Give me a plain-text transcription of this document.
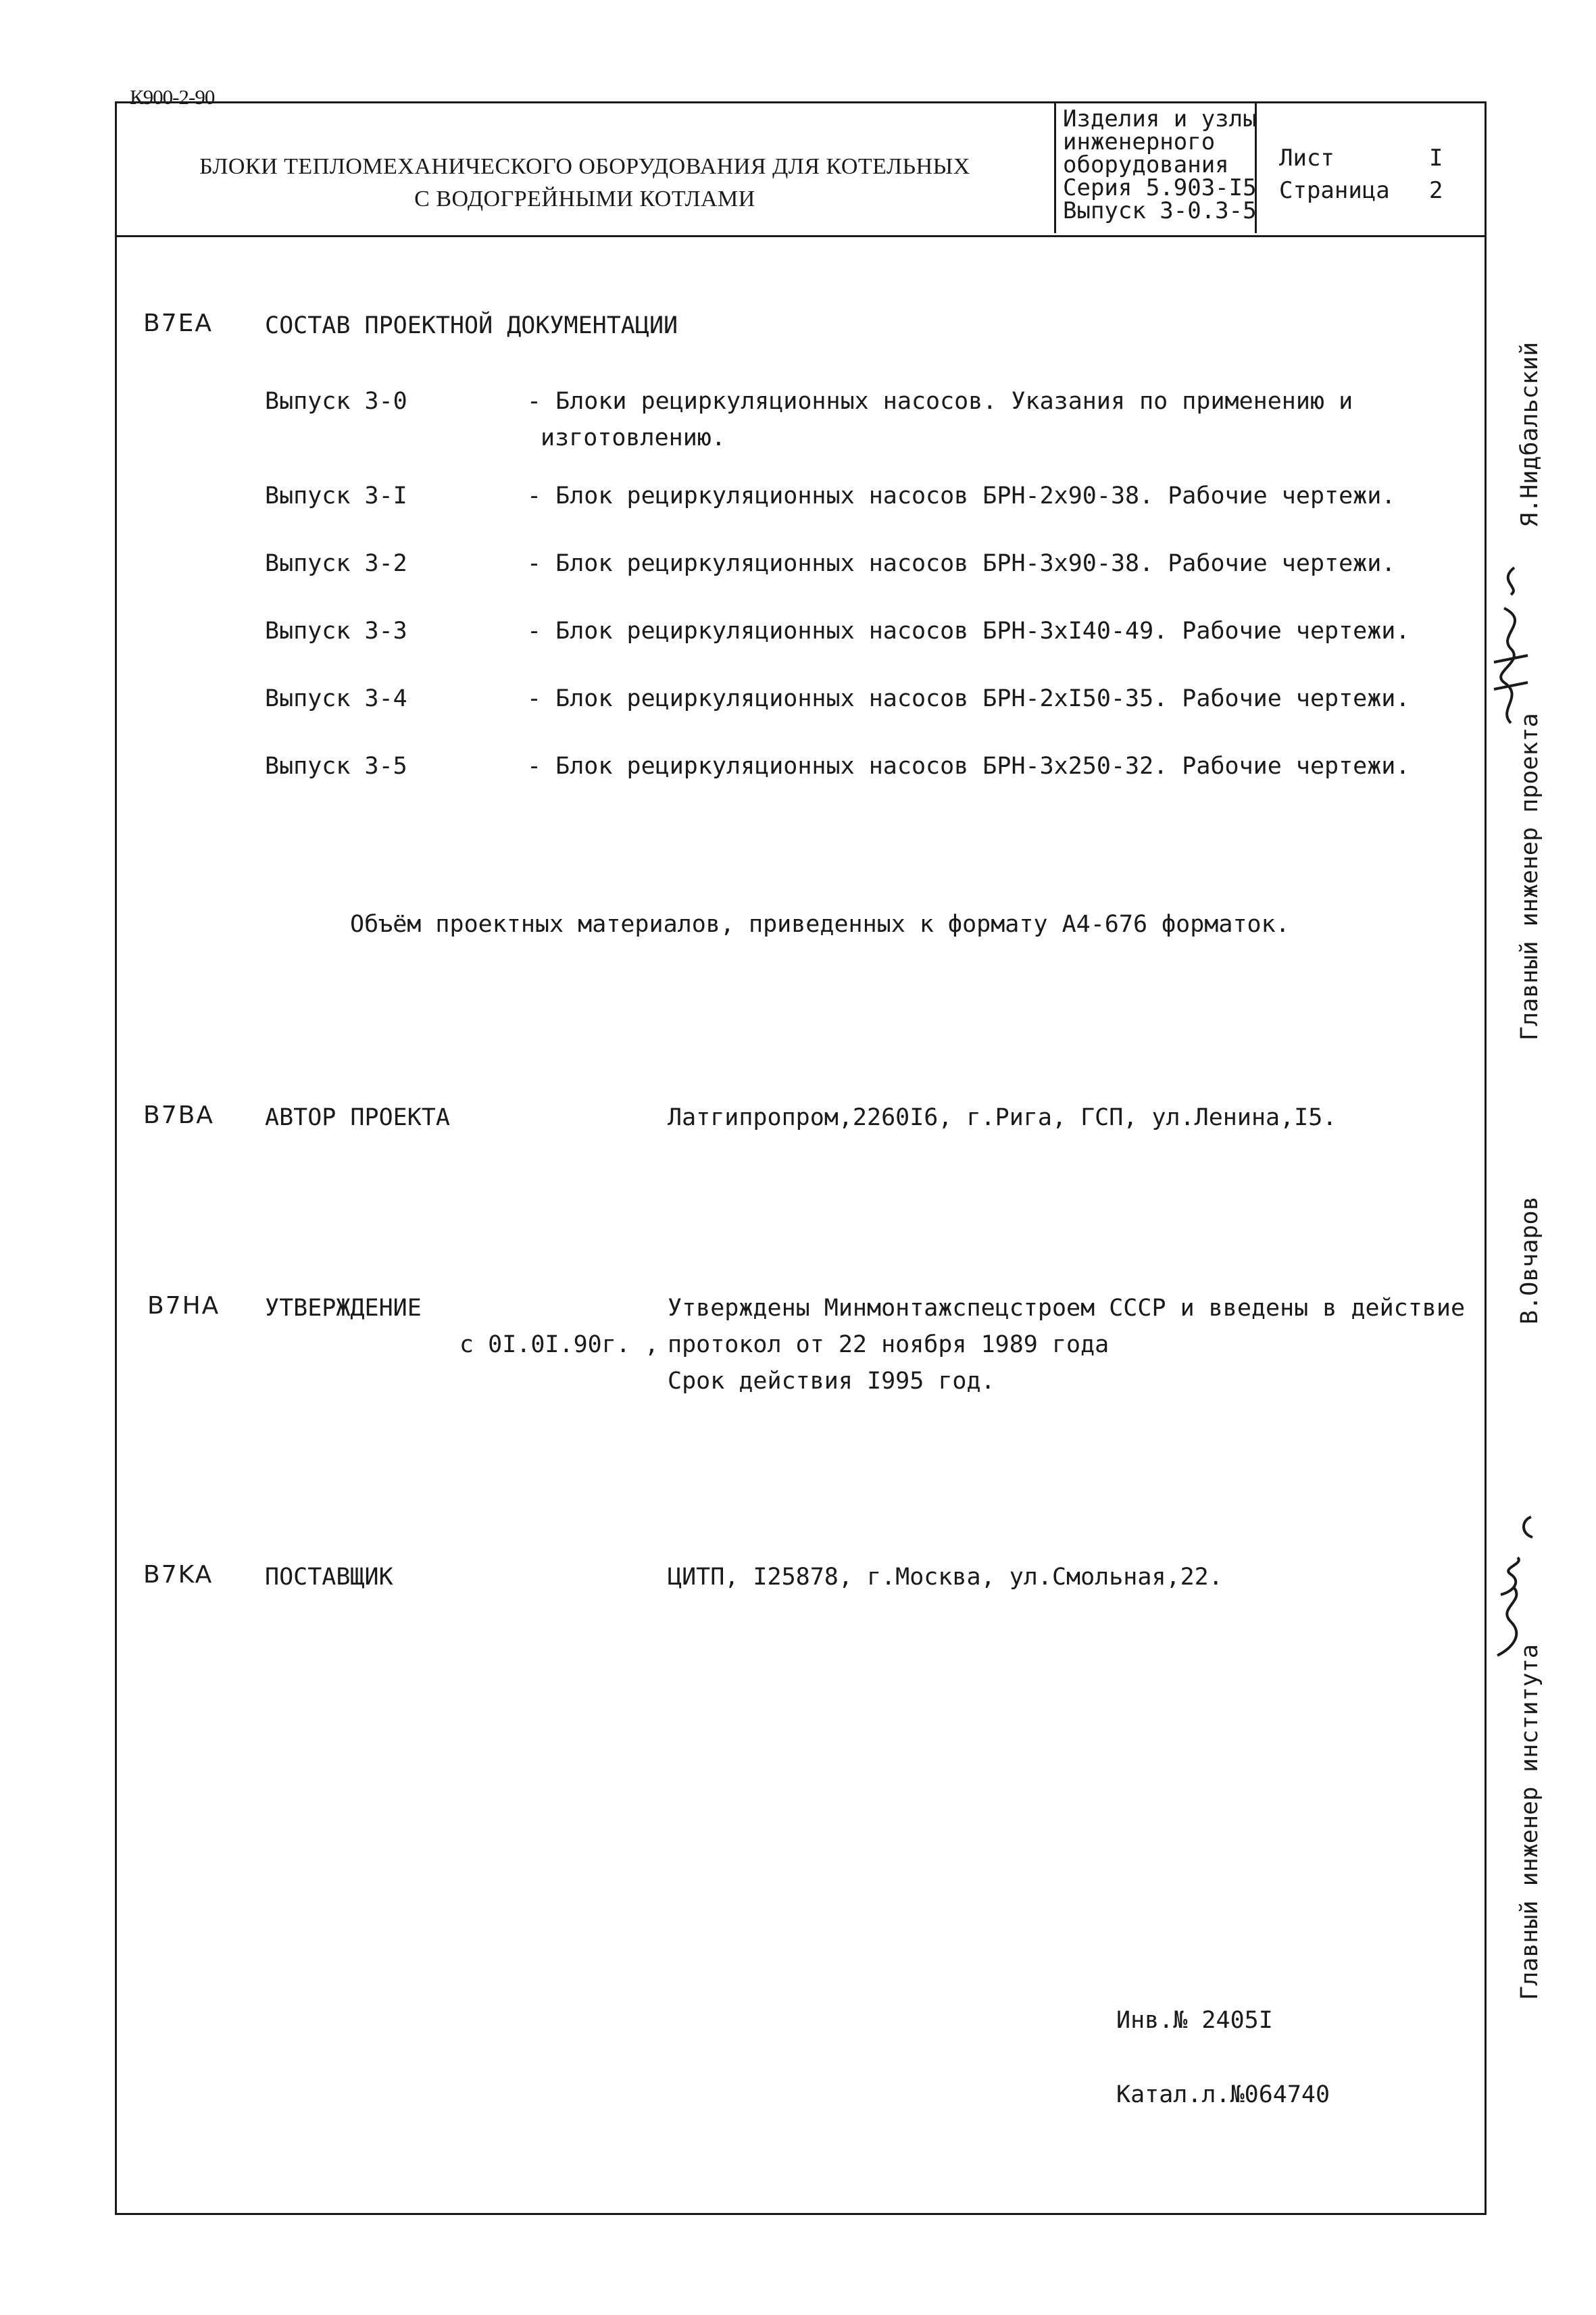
К900-2-90
БЛОКИ ТЕПЛОМЕХАНИЧЕСКОГО ОБОРУДОВАНИЯ ДЛЯ КОТЕЛЬНЫХ
С ВОДОГРЕЙНЫМИ КОТЛАМИ
Изделия и узлы
инженерного
оборудования
Серия 5.903-I5
Выпуск 3-0.3-5
Лист
Страница
I
2
B7EA СОСТАВ ПРОЕКТНОЙ ДОКУМЕНТАЦИИ
Выпуск 3-0	- Блоки рециркуляционных насосов. Указания по применению и
изготовлению.
Выпуск 3-I	- Блок рециркуляционных насосов БРН-2х90-38. Рабочие чертежи.
Выпуск 3-2	- Блок рециркуляционных насосов БРН-3х90-38. Рабочие чертежи.
Выпуск 3-3	- Блок рециркуляционных насосов БРН-3хI40-49. Рабочие чертежи.
Выпуск 3-4	- Блок рециркуляционных насосов БРН-2хI50-35. Рабочие чертежи.
Выпуск 3-5	- Блок рециркуляционных насосов БРН-3х250-32. Рабочие чертежи.
Объём проектных материалов, приведенных к формату А4-676 форматок.
B7BA АВТОР ПРОЕКТА	Латгипропром,2260I6, г.Рига, ГСП, ул.Ленина,I5.
B7HA УТВЕРЖДЕНИЕ	Утверждены Минмонтажспецстроем СССР и введены в действие
с 0I.0I.90г. , протокол от 22 ноября 1989 года
Срок действия I995 год.
B7KA ПОСТАВЩИК	ЦИТП, I25878, г.Москва, ул.Смольная,22.
Инв.№ 2405I
Катал.л.№064740
Главный инженер проекта
Я.Нидбальский
В.Овчаров
Главный инженер института
